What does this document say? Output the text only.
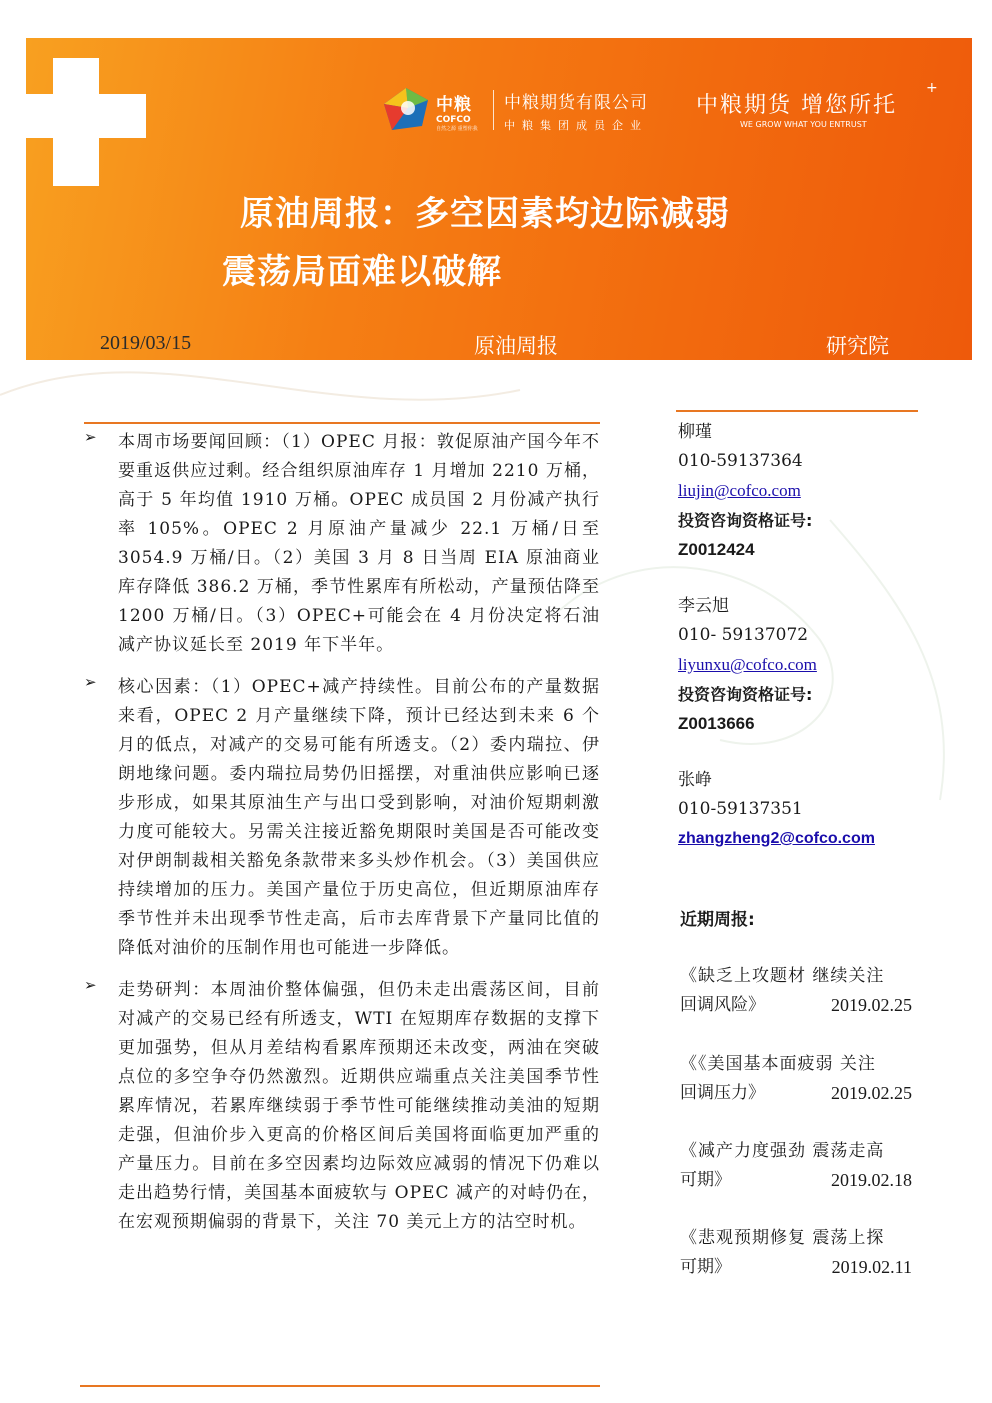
中粮
COFCO
自然之源 重塑你我
中粮期货有限公司
中粮集团成员企业
中粮期货 增您所托
WE GROW WHAT YOU ENTRUST
+
原油周报：多空因素均边际减弱
震荡局面难以破解
2019/03/15	原油周报	研究院
➢ 本周市场要闻回顾：（1）OPEC 月报：敦促原油产国今年不要重返供应过剩。经合组织原油库存 1 月增加 2210 万桶，高于 5 年均值 1910 万桶。OPEC 成员国 2 月份减产执行率 105%。OPEC 2 月原油产量减少 22.1 万桶/日至 3054.9 万桶/日。（2）美国 3 月 8 日当周 EIA 原油商业库存降低 386.2 万桶，季节性累库有所松动，产量预估降至 1200 万桶/日。（3）OPEC+可能会在 4 月份决定将石油减产协议延长至 2019 年下半年。
➢ 核心因素：（1）OPEC+减产持续性。目前公布的产量数据来看，OPEC 2 月产量继续下降，预计已经达到未来 6 个月的低点，对减产的交易可能有所透支。（2）委内瑞拉、伊朗地缘问题。委内瑞拉局势仍旧摇摆，对重油供应影响已逐步形成，如果其原油生产与出口受到影响，对油价短期刺激力度可能较大。另需关注接近豁免期限时美国是否可能改变对伊朗制裁相关豁免条款带来多头炒作机会。（3）美国供应持续增加的压力。美国产量位于历史高位，但近期原油库存季节性并未出现季节性走高，后市去库背景下产量同比值的降低对油价的压制作用也可能进一步降低。
➢ 走势研判：本周油价整体偏强，但仍未走出震荡区间，目前对减产的交易已经有所透支，WTI 在短期库存数据的支撑下更加强势，但从月差结构看累库预期还未改变，两油在突破点位的多空争夺仍然激烈。近期供应端重点关注美国季节性累库情况，若累库继续弱于季节性可能继续推动美油的短期走强，但油价步入更高的价格区间后美国将面临更加严重的产量压力。目前在多空因素均边际效应减弱的情况下仍难以走出趋势行情，美国基本面疲软与 OPEC 减产的对峙仍在，在宏观预期偏弱的背景下，关注 70 美元上方的沽空时机。
柳瑾
010-59137364
liujin@cofco.com
投资咨询资格证号:
Z0012424
李云旭
010- 59137072
liyunxu@cofco.com
投资咨询资格证号:
Z0013666
张峥
010-59137351
zhangzheng2@cofco.com
近期周报:
《缺乏上攻题材 继续关注
回调风险》	2019.02.25
《《美国基本面疲弱 关注
回调压力》	2019.02.25
《减产力度强劲 震荡走高
可期》	2019.02.18
《悲观预期修复 震荡上探
可期》	2019.02.11
